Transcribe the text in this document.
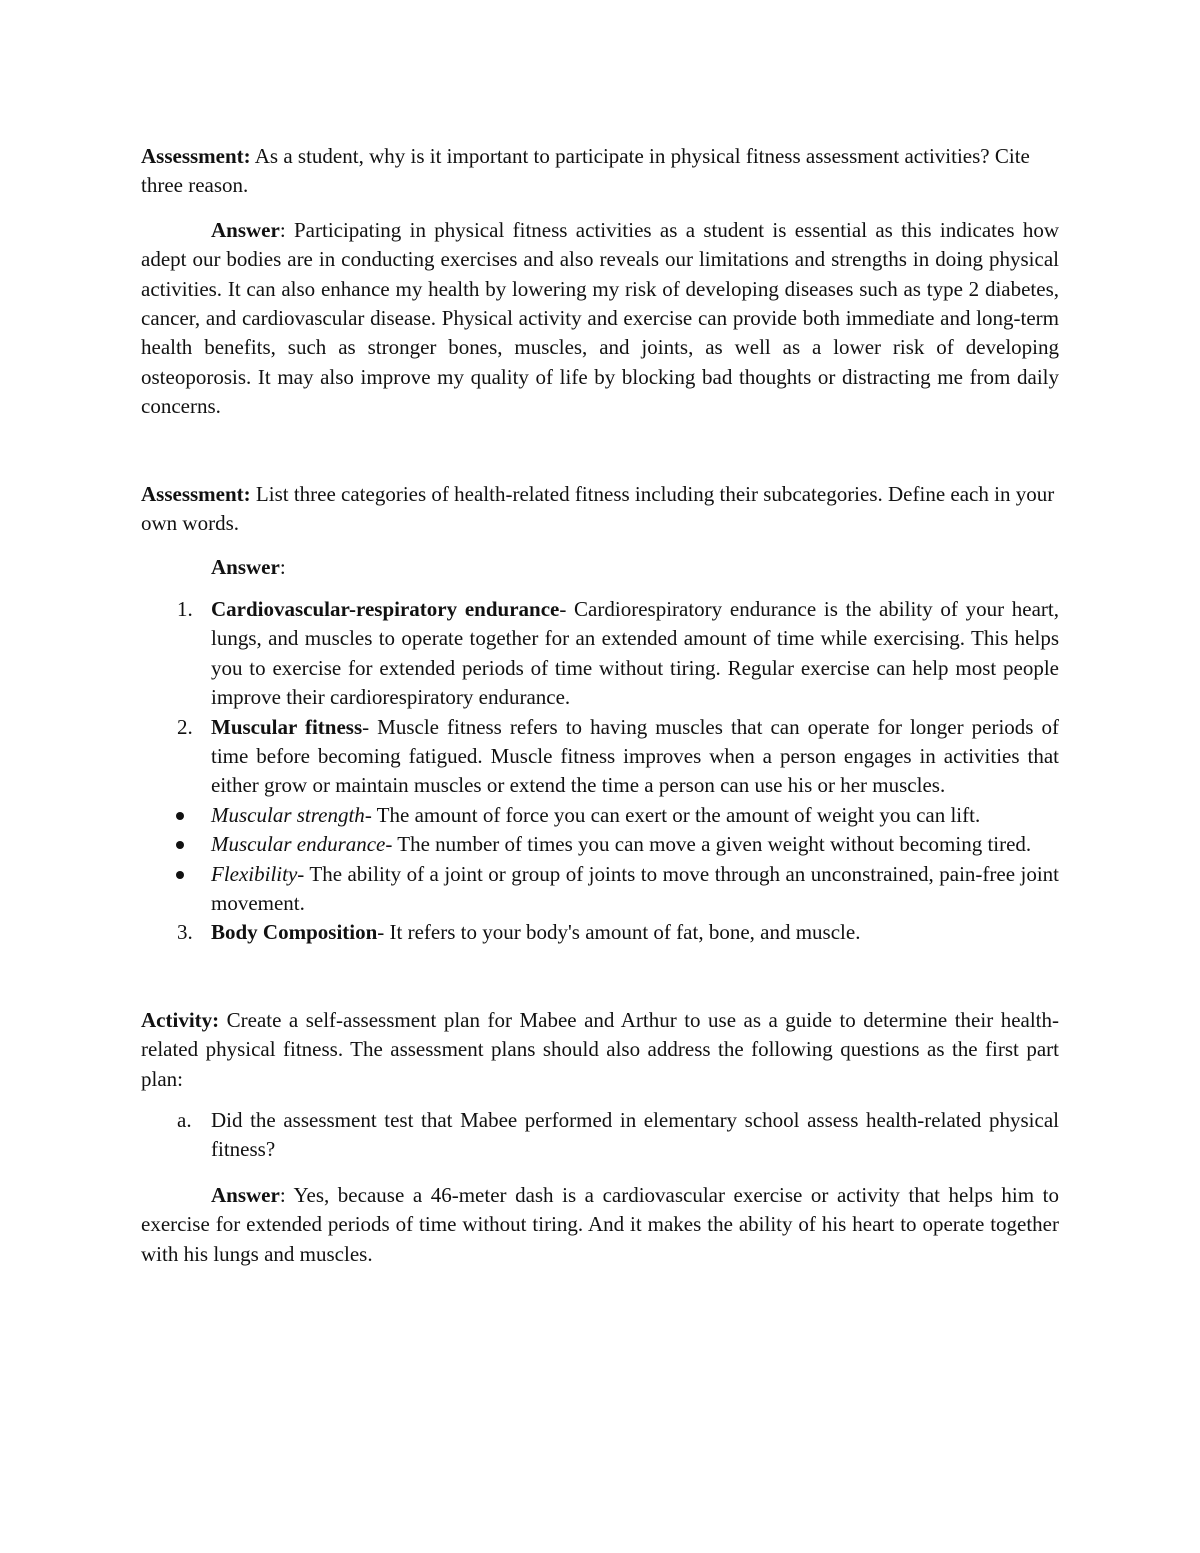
Assessment: As a student, why is it important to participate in physical fitness assessment activities? Cite three reason.

Answer: Participating in physical fitness activities as a student is essential as this indicates how adept our bodies are in conducting exercises and also reveals our limitations and strengths in doing physical activities. It can also enhance my health by lowering my risk of developing diseases such as type 2 diabetes, cancer, and cardiovascular disease. Physical activity and exercise can provide both immediate and long-term health benefits, such as stronger bones, muscles, and joints, as well as a lower risk of developing osteoporosis. It may also improve my quality of life by blocking bad thoughts or distracting me from daily concerns.

Assessment: List three categories of health-related fitness including their subcategories. Define each in your own words.

Answer:

1. Cardiovascular-respiratory endurance- Cardiorespiratory endurance is the ability of your heart, lungs, and muscles to operate together for an extended amount of time while exercising. This helps you to exercise for extended periods of time without tiring. Regular exercise can help most people improve their cardiorespiratory endurance.
2. Muscular fitness- Muscle fitness refers to having muscles that can operate for longer periods of time before becoming fatigued. Muscle fitness improves when a person engages in activities that either grow or maintain muscles or extend the time a person can use his or her muscles.
Muscular strength- The amount of force you can exert or the amount of weight you can lift.
Muscular endurance- The number of times you can move a given weight without becoming tired.
Flexibility- The ability of a joint or group of joints to move through an unconstrained, pain-free joint movement.
3. Body Composition- It refers to your body's amount of fat, bone, and muscle.

Activity: Create a self-assessment plan for Mabee and Arthur to use as a guide to determine their health-related physical fitness. The assessment plans should also address the following questions as the first part plan:

a. Did the assessment test that Mabee performed in elementary school assess health-related physical fitness?

Answer: Yes, because a 46-meter dash is a cardiovascular exercise or activity that helps him to exercise for extended periods of time without tiring. And it makes the ability of his heart to operate together with his lungs and muscles.
